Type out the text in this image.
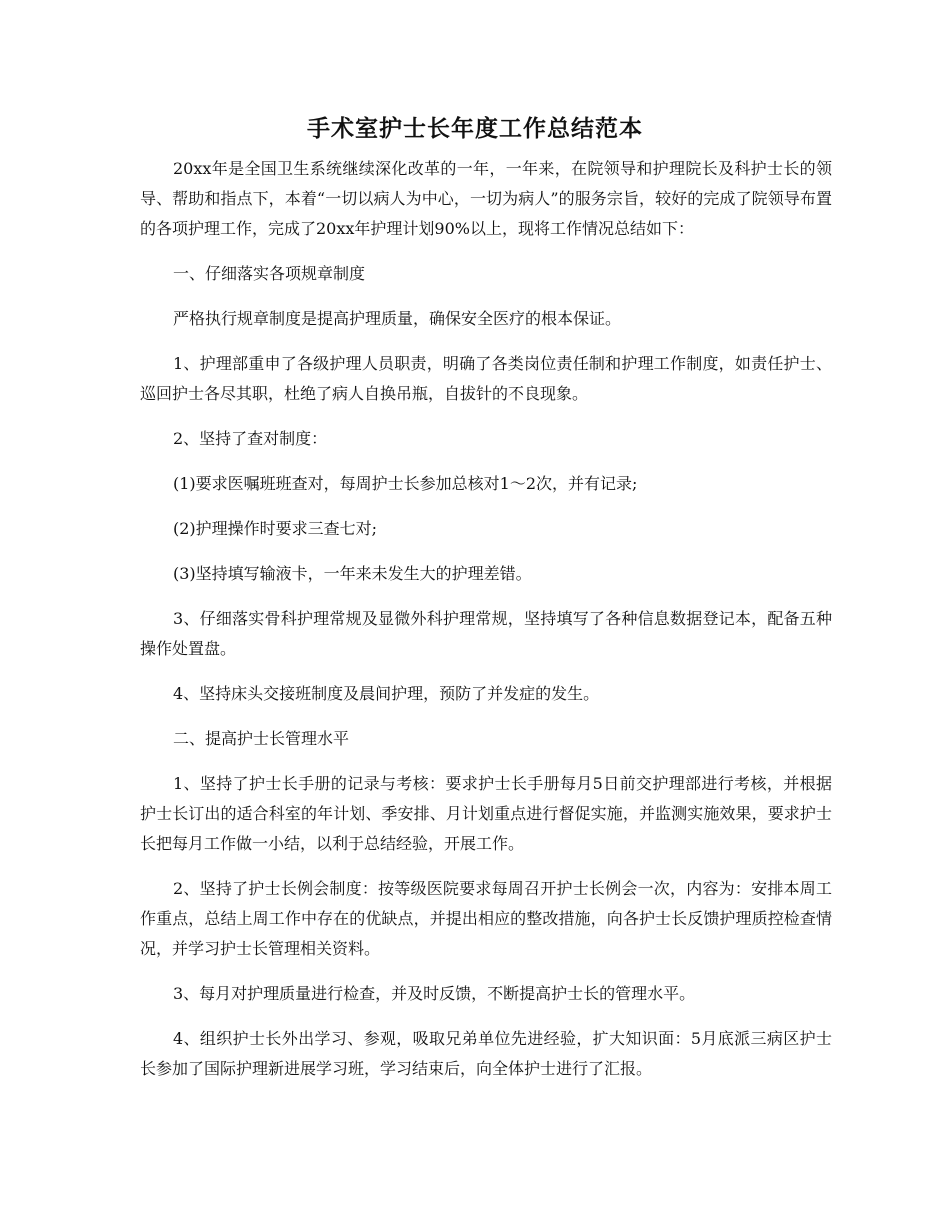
手术室护士长年度工作总结范本

20xx年是全国卫生系统继续深化改革的一年，一年来，在院领导和护理院长及科护士长的领导、帮助和指点下，本着“一切以病人为中心，一切为病人”的服务宗旨，较好的完成了院领导布置的各项护理工作，完成了20xx年护理计划90%以上，现将工作情况总结如下：

一、仔细落实各项规章制度

严格执行规章制度是提高护理质量，确保安全医疗的根本保证。

1、护理部重申了各级护理人员职责，明确了各类岗位责任制和护理工作制度，如责任护士、巡回护士各尽其职，杜绝了病人自换吊瓶，自拔针的不良现象。

2、坚持了查对制度：

(1)要求医嘱班班查对，每周护士长参加总核对1～2次，并有记录;

(2)护理操作时要求三查七对;

(3)坚持填写输液卡，一年来未发生大的护理差错。

3、仔细落实骨科护理常规及显微外科护理常规，坚持填写了各种信息数据登记本，配备五种操作处置盘。

4、坚持床头交接班制度及晨间护理，预防了并发症的发生。

二、提高护士长管理水平

1、坚持了护士长手册的记录与考核：要求护士长手册每月5日前交护理部进行考核，并根据护士长订出的适合科室的年计划、季安排、月计划重点进行督促实施，并监测实施效果，要求护士长把每月工作做一小结，以利于总结经验，开展工作。

2、坚持了护士长例会制度：按等级医院要求每周召开护士长例会一次，内容为：安排本周工作重点，总结上周工作中存在的优缺点，并提出相应的整改措施，向各护士长反馈护理质控检查情况，并学习护士长管理相关资料。

3、每月对护理质量进行检查，并及时反馈，不断提高护士长的管理水平。

4、组织护士长外出学习、参观，吸取兄弟单位先进经验，扩大知识面：5月底派三病区护士长参加了国际护理新进展学习班，学习结束后，向全体护士进行了汇报。
